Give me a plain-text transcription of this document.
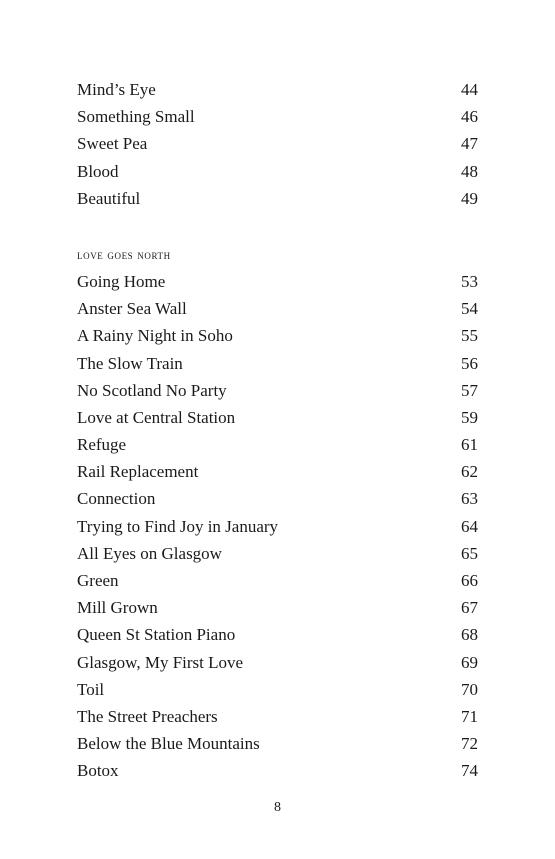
Mind’s Eye	44
Something Small	46
Sweet Pea	47
Blood	48
Beautiful	49
love goes north
Going Home	53
Anster Sea Wall	54
A Rainy Night in Soho	55
The Slow Train	56
No Scotland No Party	57
Love at Central Station	59
Refuge	61
Rail Replacement	62
Connection	63
Trying to Find Joy in January	64
All Eyes on Glasgow	65
Green	66
Mill Grown	67
Queen St Station Piano	68
Glasgow, My First Love	69
Toil	70
The Street Preachers	71
Below the Blue Mountains	72
Botox	74
8
